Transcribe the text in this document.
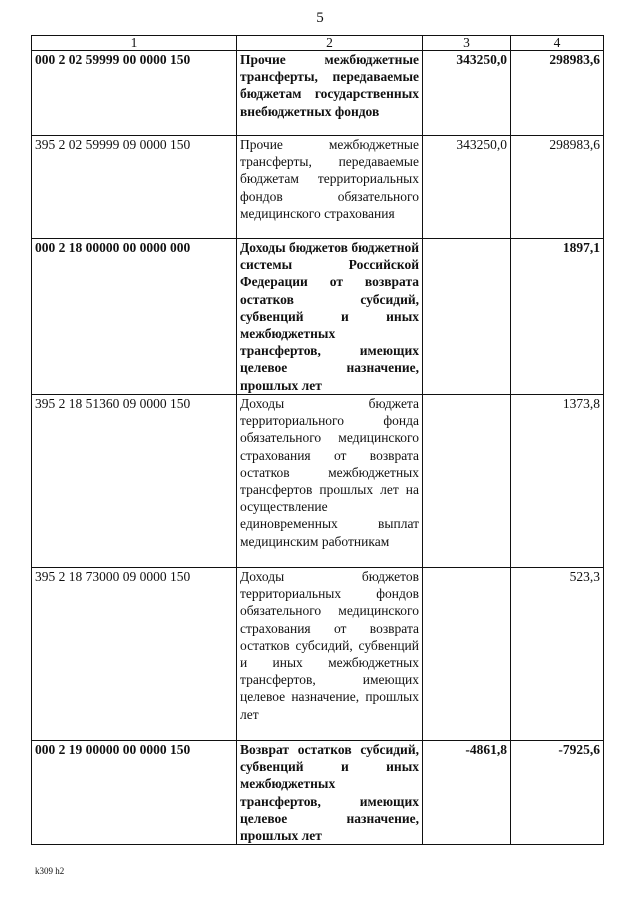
5
1	2	3	4
000 2 02 59999 00 0000 150	Прочие межбюджетные трансферты, передаваемые бюджетам государственных внебюджетных фондов	343250,0	298983,6
395 2 02 59999 09 0000 150	Прочие межбюджетные трансферты, передаваемые бюджетам территориальных фондов обязательного медицинского страхования	343250,0	298983,6
000 2 18 00000 00 0000 000	Доходы бюджетов бюджетной системы Российской Федерации от возврата остатков субсидий, субвенций и иных межбюджетных трансфертов, имеющих целевое назначение, прошлых лет		1897,1
395 2 18 51360 09 0000 150	Доходы бюджета территориального фонда обязательного медицинского страхования от возврата остатков межбюджетных трансфертов прошлых лет на осуществление единовременных выплат медицинским работникам		1373,8
395 2 18 73000 09 0000 150	Доходы бюджетов территориальных фондов обязательного медицинского страхования от возврата остатков субсидий, субвенций и иных межбюджетных трансфертов, имеющих целевое назначение, прошлых лет		523,3
000 2 19 00000 00 0000 150	Возврат остатков субсидий, субвенций и иных межбюджетных трансфертов, имеющих целевое назначение, прошлых лет	-4861,8	-7925,6
k309 h2
